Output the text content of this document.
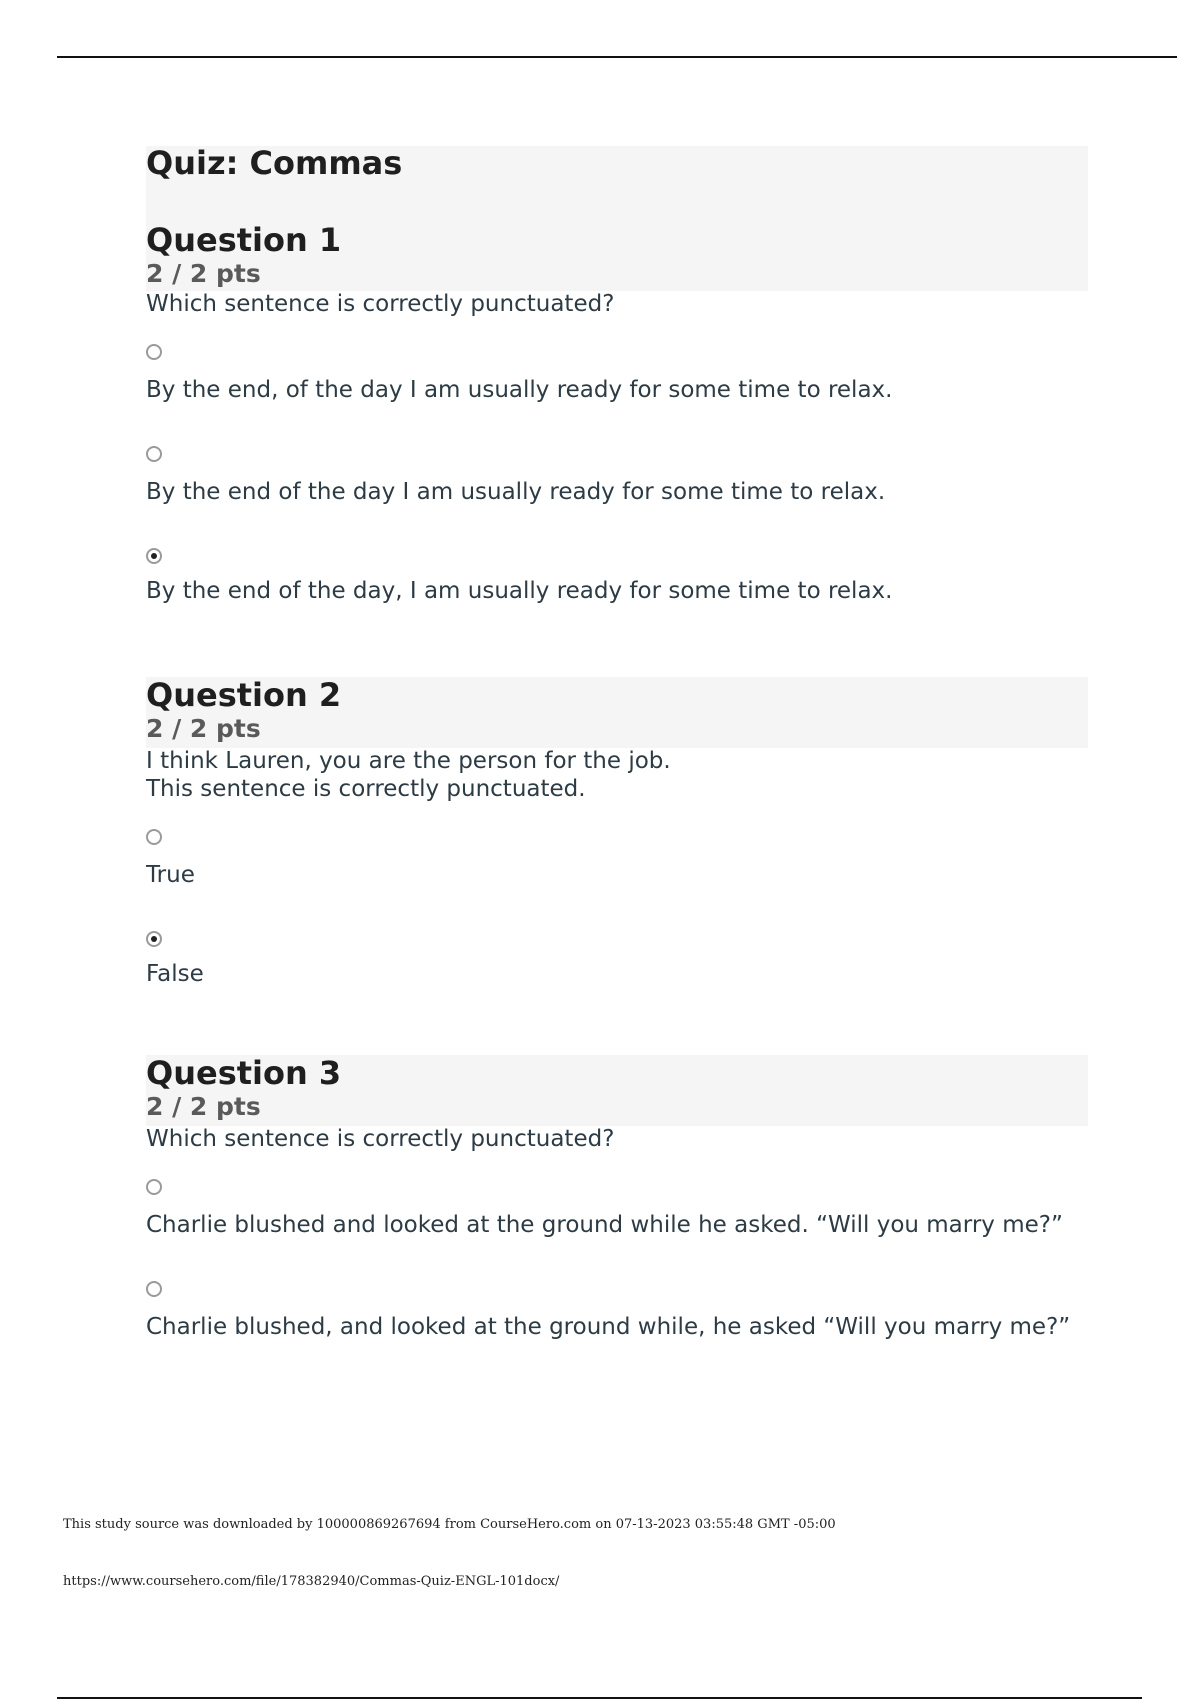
Quiz: Commas
Question 1
2 / 2 pts
Which sentence is correctly punctuated?
By the end, of the day I am usually ready for some time to relax.
By the end of the day I am usually ready for some time to relax.
By the end of the day, I am usually ready for some time to relax.
Question 2
2 / 2 pts
I think Lauren, you are the person for the job.
This sentence is correctly punctuated.
True
False
Question 3
2 / 2 pts
Which sentence is correctly punctuated?
Charlie blushed and looked at the ground while he asked. “Will you marry me?”
Charlie blushed, and looked at the ground while, he asked “Will you marry me?”
This study source was downloaded by 100000869267694 from CourseHero.com on 07-13-2023 03:55:48 GMT -05:00
https://www.coursehero.com/file/178382940/Commas-Quiz-ENGL-101docx/
